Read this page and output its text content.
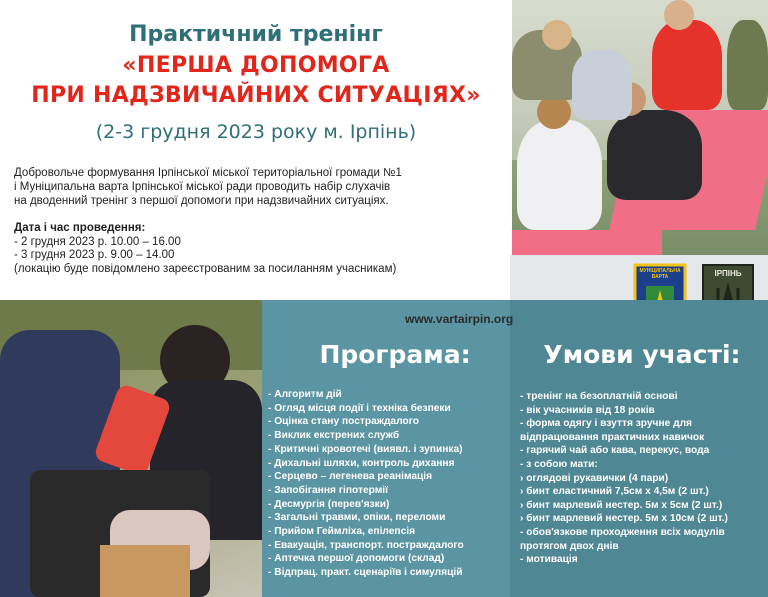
Практичний тренінг
«ПЕРША ДОПОМОГА
ПРИ НАДЗВИЧАЙНИХ СИТУАЦІЯХ»
(2-3 грудня 2023 року м. Ірпінь)
Добровольче формування Ірпінської міської територіальної громади №1
і Муніципальна варта Ірпінської міської ради проводить набір слухачів
на дводенний тренінг з першої допомоги при надзвичайних ситуаціях.
Дата і час проведення:
- 2 грудня 2023 р. 10.00 – 16.00
- 3 грудня 2023 р. 9.00 – 14.00
(локацію буде повідомлено зареєстрованим за посиланням учасникам)	МУНІЦИПАЛЬНА ВАРТА	ІРПІНЬ
www.vartairpin.org
Програма:	Умови участі:
- Алгоритм дій
- Огляд місця події і техніка безпеки
- Оцінка стану постраждалого
- Виклик екстрених служб
- Критичні кровотечі (виявл. і зупинка)
- Дихальні шляхи, контроль дихання
- Серцево – легенева реанімація
- Запобігання гіпотермії
- Десмургія (перев'язки)
- Загальні травми, опіки, переломи
- Прийом Геймліха, епілепсія
- Евакуація, транспорт. постраждалого
- Аптечка першої допомоги (склад)
- Відпрац. практ. сценаріїв і симуляцій
- тренінг на безоплатній основі
- вік учасників від 18 років
- форма одягу і взуття зручне для
відпрацювання практичних навичок
- гарячий чай або кава, перекус, вода
- з собою мати:
› оглядові рукавички (4 пари)
› бинт еластичний 7,5см х 4,5м (2 шт.)
› бинт марлевий нестер. 5м х 5см (2 шт.)
› бинт марлевий нестер. 5м х 10см (2 шт.)
- обов'язкове проходження всіх модулів
протягом двох днів
- мотивація
